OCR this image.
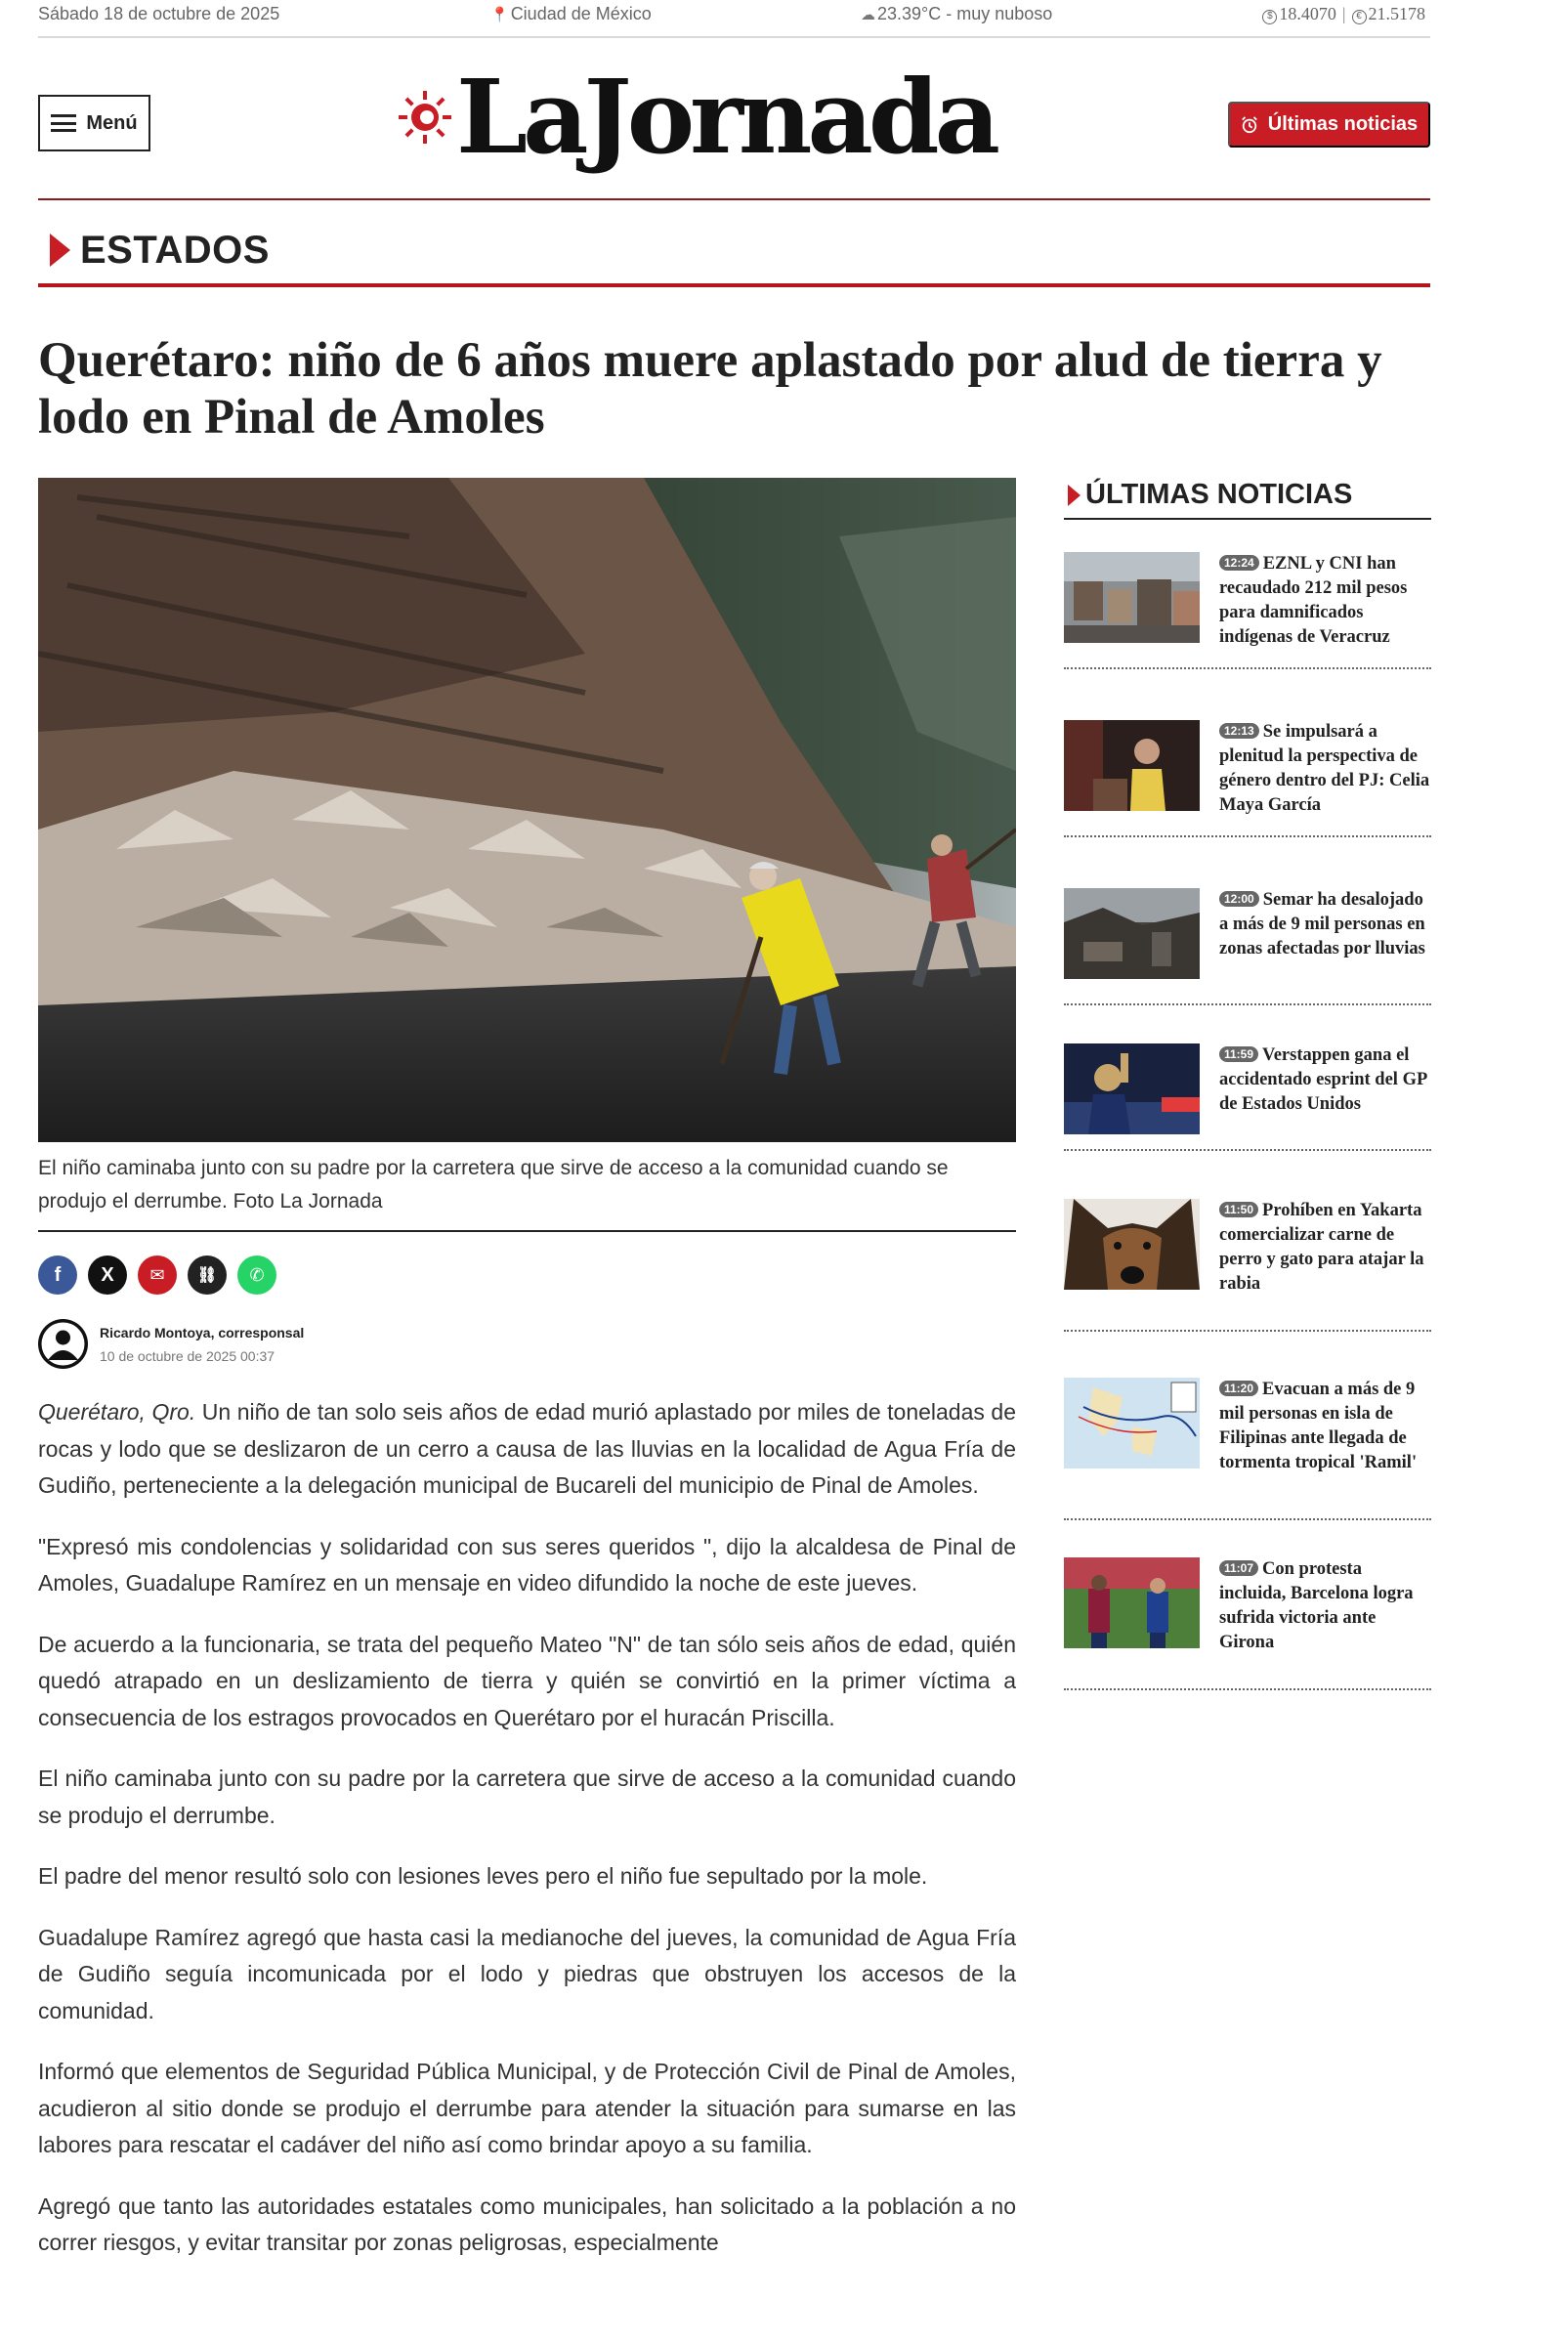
Sábado 18 de octubre de 2025	📍 Ciudad de México	☁ 23.39°C - muy nuboso	$ 18.4070 | € 21.5178
Menú	LaJornada	Últimas noticias
ESTADOS
Querétaro: niño de 6 años muere aplastado por alud de tierra y lodo en Pinal de Amoles

El niño caminaba junto con su padre por la carretera que sirve de acceso a la comunidad cuando se produjo el derrumbe. Foto La Jornada

f X ✉ ⛓ ✆
Ricardo Montoya, corresponsal
10 de octubre de 2025 00:37

Querétaro, Qro. Un niño de tan solo seis años de edad murió aplastado por miles de toneladas de rocas y lodo que se deslizaron de un cerro a causa de las lluvias en la localidad de Agua Fría de Gudiño, perteneciente a la delegación municipal de Bucareli del municipio de Pinal de Amoles.

"Expresó mis condolencias y solidaridad con sus seres queridos ", dijo la alcaldesa de Pinal de Amoles, Guadalupe Ramírez en un mensaje en video difundido la noche de este jueves.

De acuerdo a la funcionaria, se trata del pequeño Mateo "N" de tan sólo seis años de edad, quién quedó atrapado en un deslizamiento de tierra y quién se convirtió en la primer víctima a consecuencia de los estragos provocados en Querétaro por el huracán Priscilla.

El niño caminaba junto con su padre por la carretera que sirve de acceso a la comunidad cuando se produjo el derrumbe.

El padre del menor resultó solo con lesiones leves pero el niño fue sepultado por la mole.

Guadalupe Ramírez agregó que hasta casi la medianoche del jueves, la comunidad de Agua Fría de Gudiño seguía incomunicada por el lodo y piedras que obstruyen los accesos de la comunidad.

Informó que elementos de Seguridad Pública Municipal, y de Protección Civil de Pinal de Amoles, acudieron al sitio donde se produjo el derrumbe para atender la situación para sumarse en las labores para rescatar el cadáver del niño así como brindar apoyo a su familia.

Agregó que tanto las autoridades estatales como municipales, han solicitado a la población a no correr riesgos, y evitar transitar por zonas peligrosas, especialmente

ÚLTIMAS NOTICIAS
12:24 EZNL y CNI han recaudado 212 mil pesos para damnificados indígenas de Veracruz
12:13 Se impulsará a plenitud la perspectiva de género dentro del PJ: Celia Maya García
12:00 Semar ha desalojado a más de 9 mil personas en zonas afectadas por lluvias
11:59 Verstappen gana el accidentado esprint del GP de Estados Unidos
11:50 Prohíben en Yakarta comercializar carne de perro y gato para atajar la rabia
11:20 Evacuan a más de 9 mil personas en isla de Filipinas ante llegada de tormenta tropical 'Ramil'
11:07 Con protesta incluida, Barcelona logra sufrida victoria ante Girona
